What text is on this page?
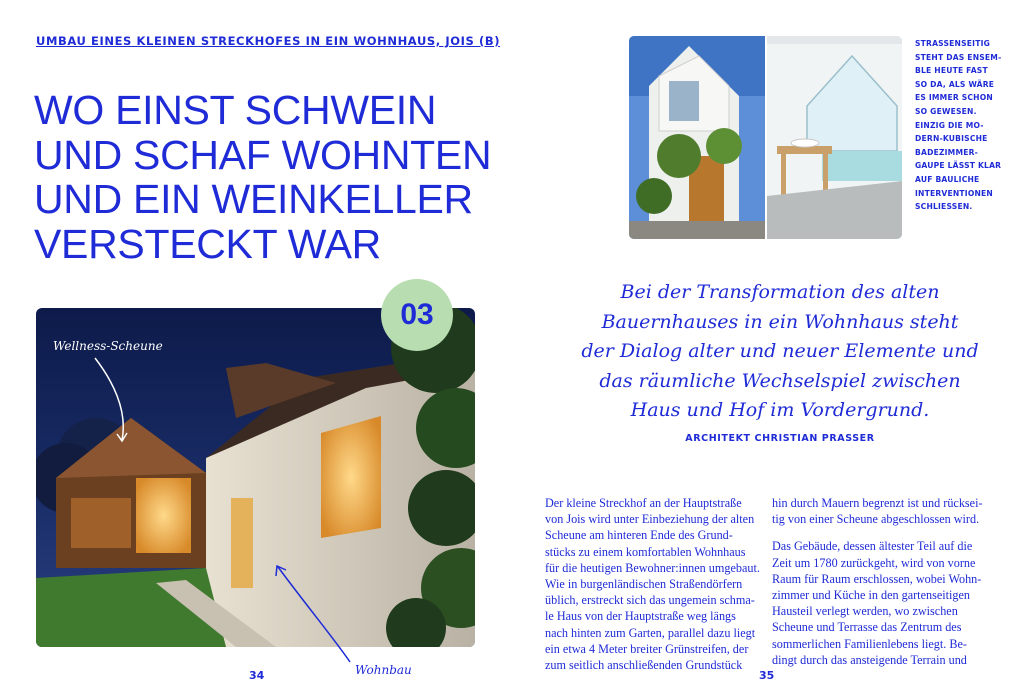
UMBAU EINES KLEINEN STRECKHOFES IN EIN WOHNHAUS, JOIS (B)
WO EINST SCHWEIN
UND SCHAF WOHNTEN
UND EIN WEINKELLER
VERSTECKT WAR
03
Wellness-Scheune
Wohnbau
34
STRASSENSEITIG
STEHT DAS ENSEM-
BLE HEUTE FAST
SO DA, ALS WÄRE
ES IMMER SCHON
SO GEWESEN.
EINZIG DIE MO-
DERN-KUBISCHE
BADEZIMMER-
GAUPE LÄSST KLAR
AUF BAULICHE
INTERVENTIONEN
SCHLIESSEN.
Bei der Transformation des alten
Bauernhauses in ein Wohnhaus steht
der Dialog alter und neuer Elemente und
das räumliche Wechselspiel zwischen
Haus und Hof im Vordergrund.
ARCHITEKT CHRISTIAN PRASSER
Der kleine Streckhof an der Hauptstraße
von Jois wird unter Einbeziehung der alten
Scheune am hinteren Ende des Grund-
stücks zu einem komfortablen Wohnhaus
für die heutigen Bewohner:innen umgebaut.
Wie in burgenländischen Straßendörfern
üblich, erstreckt sich das ungemein schma-
le Haus von der Hauptstraße weg längs
nach hinten zum Garten, parallel dazu liegt
ein etwa 4 Meter breiter Grünstreifen, der
zum seitlich anschließenden Grundstück
hin durch Mauern begrenzt ist und rücksei-
tig von einer Scheune abgeschlossen wird.
Das Gebäude, dessen ältester Teil auf die
Zeit um 1780 zurückgeht, wird von vorne
Raum für Raum erschlossen, wobei Wohn-
zimmer und Küche in den gartenseitigen
Hausteil verlegt werden, wo zwischen
Scheune und Terrasse das Zentrum des
sommerlichen Familienlebens liegt. Be-
dingt durch das ansteigende Terrain und
35
